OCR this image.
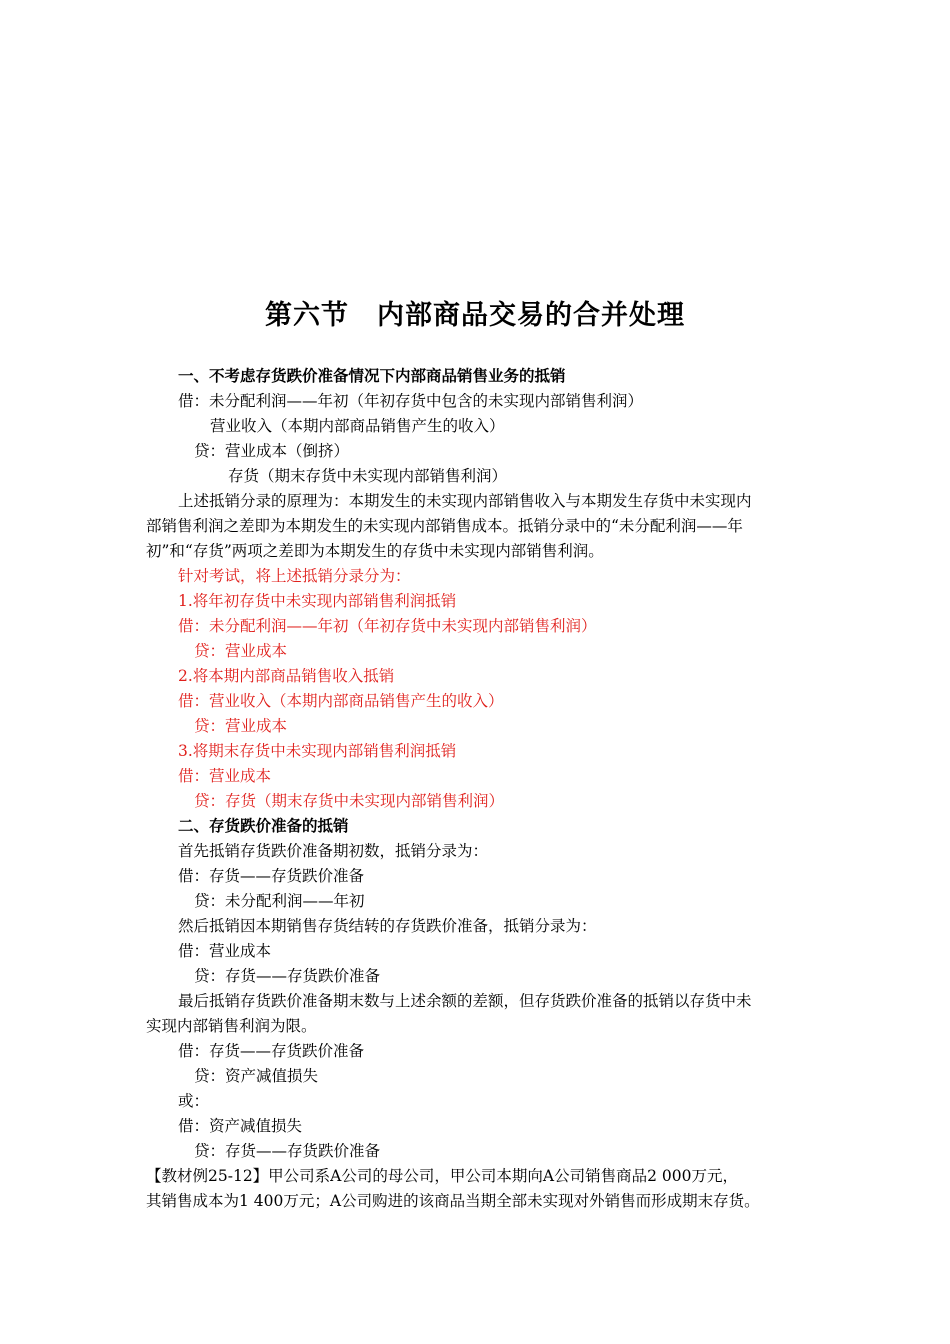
第六节　内部商品交易的合并处理
一、不考虑存货跌价准备情况下内部商品销售业务的抵销
借：未分配利润——年初（年初存货中包含的未实现内部销售利润）
营业收入（本期内部商品销售产生的收入）
贷：营业成本（倒挤）
存货（期末存货中未实现内部销售利润）
上述抵销分录的原理为：本期发生的未实现内部销售收入与本期发生存货中未实现内
部销售利润之差即为本期发生的未实现内部销售成本。抵销分录中的“未分配利润——年
初”和“存货”两项之差即为本期发生的存货中未实现内部销售利润。
针对考试，将上述抵销分录分为：
1.将年初存货中未实现内部销售利润抵销
借：未分配利润——年初（年初存货中未实现内部销售利润）
贷：营业成本
2.将本期内部商品销售收入抵销
借：营业收入（本期内部商品销售产生的收入）
贷：营业成本
3.将期末存货中未实现内部销售利润抵销
借：营业成本
贷：存货（期末存货中未实现内部销售利润）
二、存货跌价准备的抵销
首先抵销存货跌价准备期初数，抵销分录为：
借：存货——存货跌价准备
贷：未分配利润——年初
然后抵销因本期销售存货结转的存货跌价准备，抵销分录为：
借：营业成本
贷：存货——存货跌价准备
最后抵销存货跌价准备期末数与上述余额的差额，但存货跌价准备的抵销以存货中未
实现内部销售利润为限。
借：存货——存货跌价准备
贷：资产减值损失
或：
借：资产减值损失
贷：存货——存货跌价准备
【教材例25-12】甲公司系A公司的母公司，甲公司本期向A公司销售商品2 000万元，
其销售成本为1 400万元；A公司购进的该商品当期全部未实现对外销售而形成期末存货。
